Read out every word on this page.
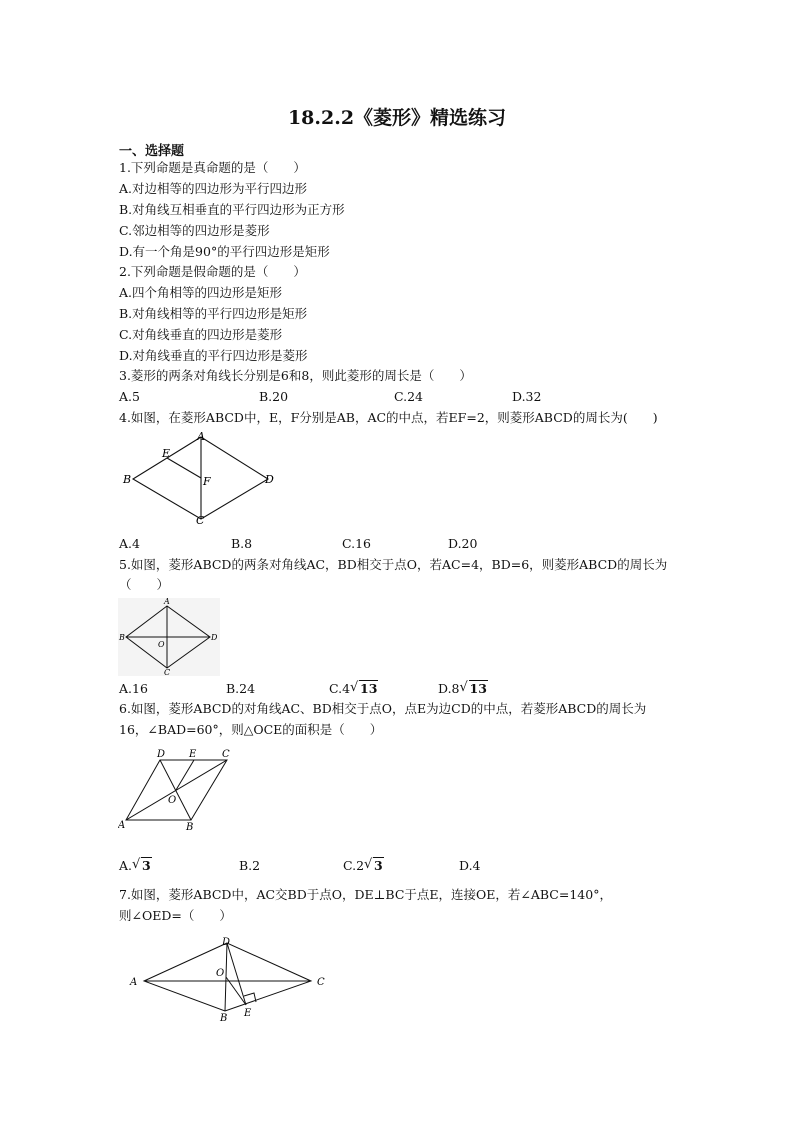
18.2.2《菱形》精选练习
一、选择题
1.下列命题是真命题的是（　　）
A.对边相等的四边形为平行四边形
B.对角线互相垂直的平行四边形为正方形
C.邻边相等的四边形是菱形
D.有一个角是90°的平行四边形是矩形
2.下列命题是假命题的是（　　）
A.四个角相等的四边形是矩形
B.对角线相等的平行四边形是矩形
C.对角线垂直的四边形是菱形
D.对角线垂直的平行四边形是菱形
3.菱形的两条对角线长分别是6和8，则此菱形的周长是（　　）
A.5	B.20	C.24	D.32
4.如图，在菱形ABCD中，E，F分别是AB，AC的中点，若EF=2，则菱形ABCD的周长为(　　)
A
B
C
D
E
F
A.4	B.8	C.16	D.20
5.如图，菱形ABCD的两条对角线AC，BD相交于点O，若AC=4，BD=6，则菱形ABCD的周长为
（　　）
A
B
C
D
O
A.16	B.24	C.4 √ 13	D.8 √ 13
6.如图，菱形ABCD的对角线AC、BD相交于点O，点E为边CD的中点，若菱形ABCD的周长为
16，∠BAD=60°，则△OCE的面积是（　　）
D E	C
A	B
O
A. √ 3	B.2	C.2 √ 3	D.4
7.如图，菱形ABCD中，AC交BD于点O，DE⊥BC于点E，连接OE，若∠ABC=140°，
则∠OED=（　　）
D
A
O
C
B E
